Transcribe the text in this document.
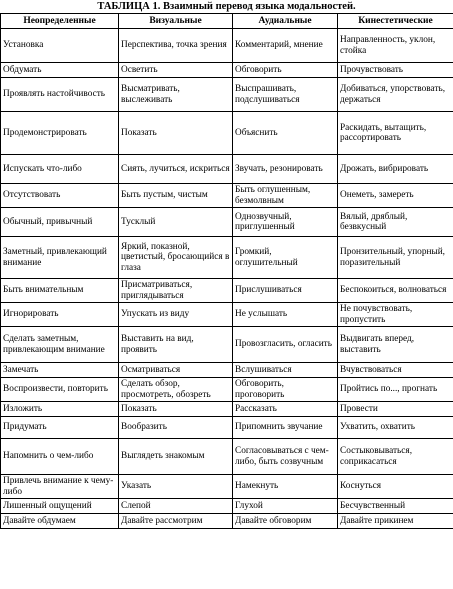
ТАБЛИЦА 1. Взаимный перевод языка модальностей.
Неопределенные	Визуальные	Аудиальные	Кинестетические
Установка	Перспектива, точка зрения	Комментарий, мнение	Направленность, уклон, стойка
Обдумать	Осветить	Обговорить	Прочувствовать
Проявлять настойчивость	Высматривать, выслеживать	Выспрашивать, подслушиваться	Добиваться, упорствовать, держаться
Продемонстрировать	Показать	Объяснить	Раскидать, вытащить, рассортировать
Испускать что-либо	Сиять, лучиться, искриться	Звучать, резонировать	Дрожать, вибрировать
Отсутствовать	Быть пустым, чистым	Быть оглушенным, безмолвным	Онеметь, замереть
Обычный, привычный	Тусклый	Однозвучный, приглушенный	Вялый, дряблый, безвкусный
Заметный, привлекающий внимание	Яркий, показной, цветистый, бросающийся в глаза	Громкий, оглушительный	Пронзительный, упорный, поразительный
Быть внимательным	Присматриваться, приглядываться	Прислушиваться	Беспокоиться, волноваться
Игнорировать	Упускать из виду	Не услышать	Не почувствовать, пропустить
Сделать заметным, привлекающим внимание	Выставить на вид, проявить	Провозгласить, огласить	Выдвигать вперед, выставить
Замечать	Осматриваться	Вслушиваться	Вчувствоваться
Воспроизвести, повторить	Сделать обзор, просмотреть, обозреть	Обговорить, проговорить	Пройтись по..., прогнать
Изложить	Показать	Рассказать	Провести
Придумать	Вообразить	Припомнить звучание	Ухватить, охватить
Напомнить о чем-либо	Выглядеть знакомым	Согласовываться с чем-либо, быть созвучным	Состыковываться, соприкасаться
Привлечь внимание к чему-либо	Указать	Намекнуть	Коснуться
Лишенный ощущений	Слепой	Глухой	Бесчувственный
Давайте обдумаем	Давайте рассмотрим	Давайте обговорим	Давайте прикинем
